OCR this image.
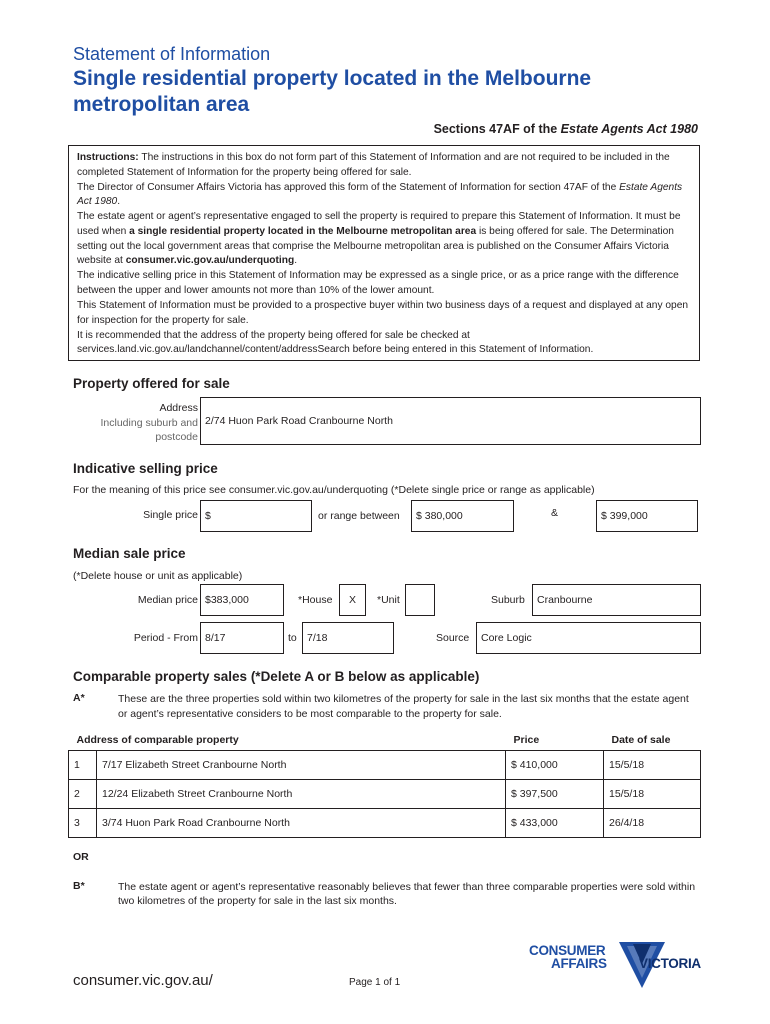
Statement of Information
Single residential property located in the Melbourne metropolitan area
Sections 47AF of the Estate Agents Act 1980

Instructions: The instructions in this box do not form part of this Statement of Information and are not required to be included in the completed Statement of Information for the property being offered for sale.

The Director of Consumer Affairs Victoria has approved this form of the Statement of Information for section 47AF of the Estate Agents Act 1980.

The estate agent or agent’s representative engaged to sell the property is required to prepare this Statement of Information. It must be used when a single residential property located in the Melbourne metropolitan area is being offered for sale. The Determination setting out the local government areas that comprise the Melbourne metropolitan area is published on the Consumer Affairs Victoria website at consumer.vic.gov.au/underquoting.

The indicative selling price in this Statement of Information may be expressed as a single price, or as a price range with the difference between the upper and lower amounts not more than 10% of the lower amount.

This Statement of Information must be provided to a prospective buyer within two business days of a request and displayed at any open for inspection for the property for sale.

It is recommended that the address of the property being offered for sale be checked at services.land.vic.gov.au/landchannel/content/addressSearch before being entered in this Statement of Information.

Property offered for sale
Address
Including suburb and
postcode
2/74 Huon Park Road Cranbourne North
Indicative selling price
For the meaning of this price see consumer.vic.gov.au/underquoting (*Delete single price or range as applicable)
Single price $	or range between $ 380,000	&	$ 399,000
Median sale price
(*Delete house or unit as applicable)
Median price $383,000	*House X *Unit	Suburb Cranbourne
Period - From 8/17	to 7/18	Source Core Logic
Comparable property sales (*Delete A or B below as applicable)
A*	These are the three properties sold within two kilometres of the property for sale in the last six months that the estate agent or agent’s representative considers to be most comparable to the property for sale.
Address of comparable property		Price	Date of sale
1	7/17 Elizabeth Street Cranbourne North	$ 410,000	15/5/18
2	12/24 Elizabeth Street Cranbourne North	$ 397,500	15/5/18
3	3/74 Huon Park Road Cranbourne North	$ 433,000	26/4/18
OR
B*	The estate agent or agent’s representative reasonably believes that fewer than three comparable properties were sold within two kilometres of the property for sale in the last six months.
consumer.vic.gov.au/	Page 1 of 1
CONSUMER
AFFAIRS VICTORIA
